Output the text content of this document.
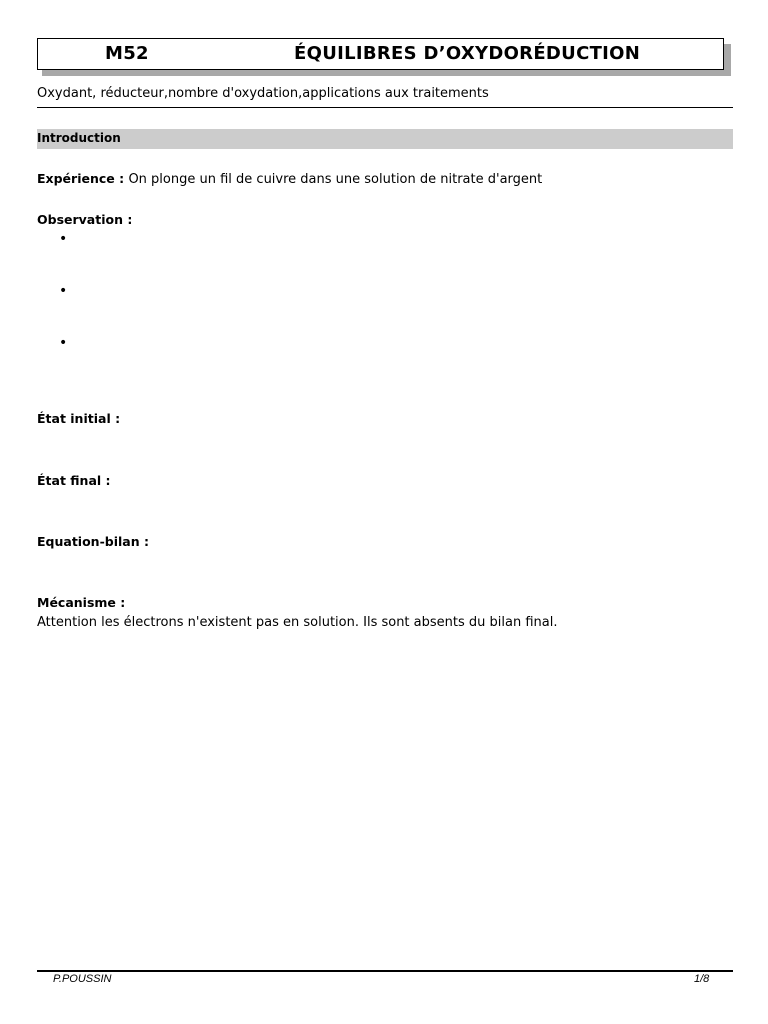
M52	ÉQUILIBRES D’OXYDORÉDUCTION
Oxydant, réducteur,nombre d'oxydation,applications aux traitements
Introduction
Expérience : On plonge un fil de cuivre dans une solution de nitrate d'argent
Observation :
•
•
•
État initial :
État final :
Equation-bilan :
Mécanisme :
Attention les électrons n'existent pas en solution. Ils sont absents du bilan final.
P.POUSSIN	1/8
